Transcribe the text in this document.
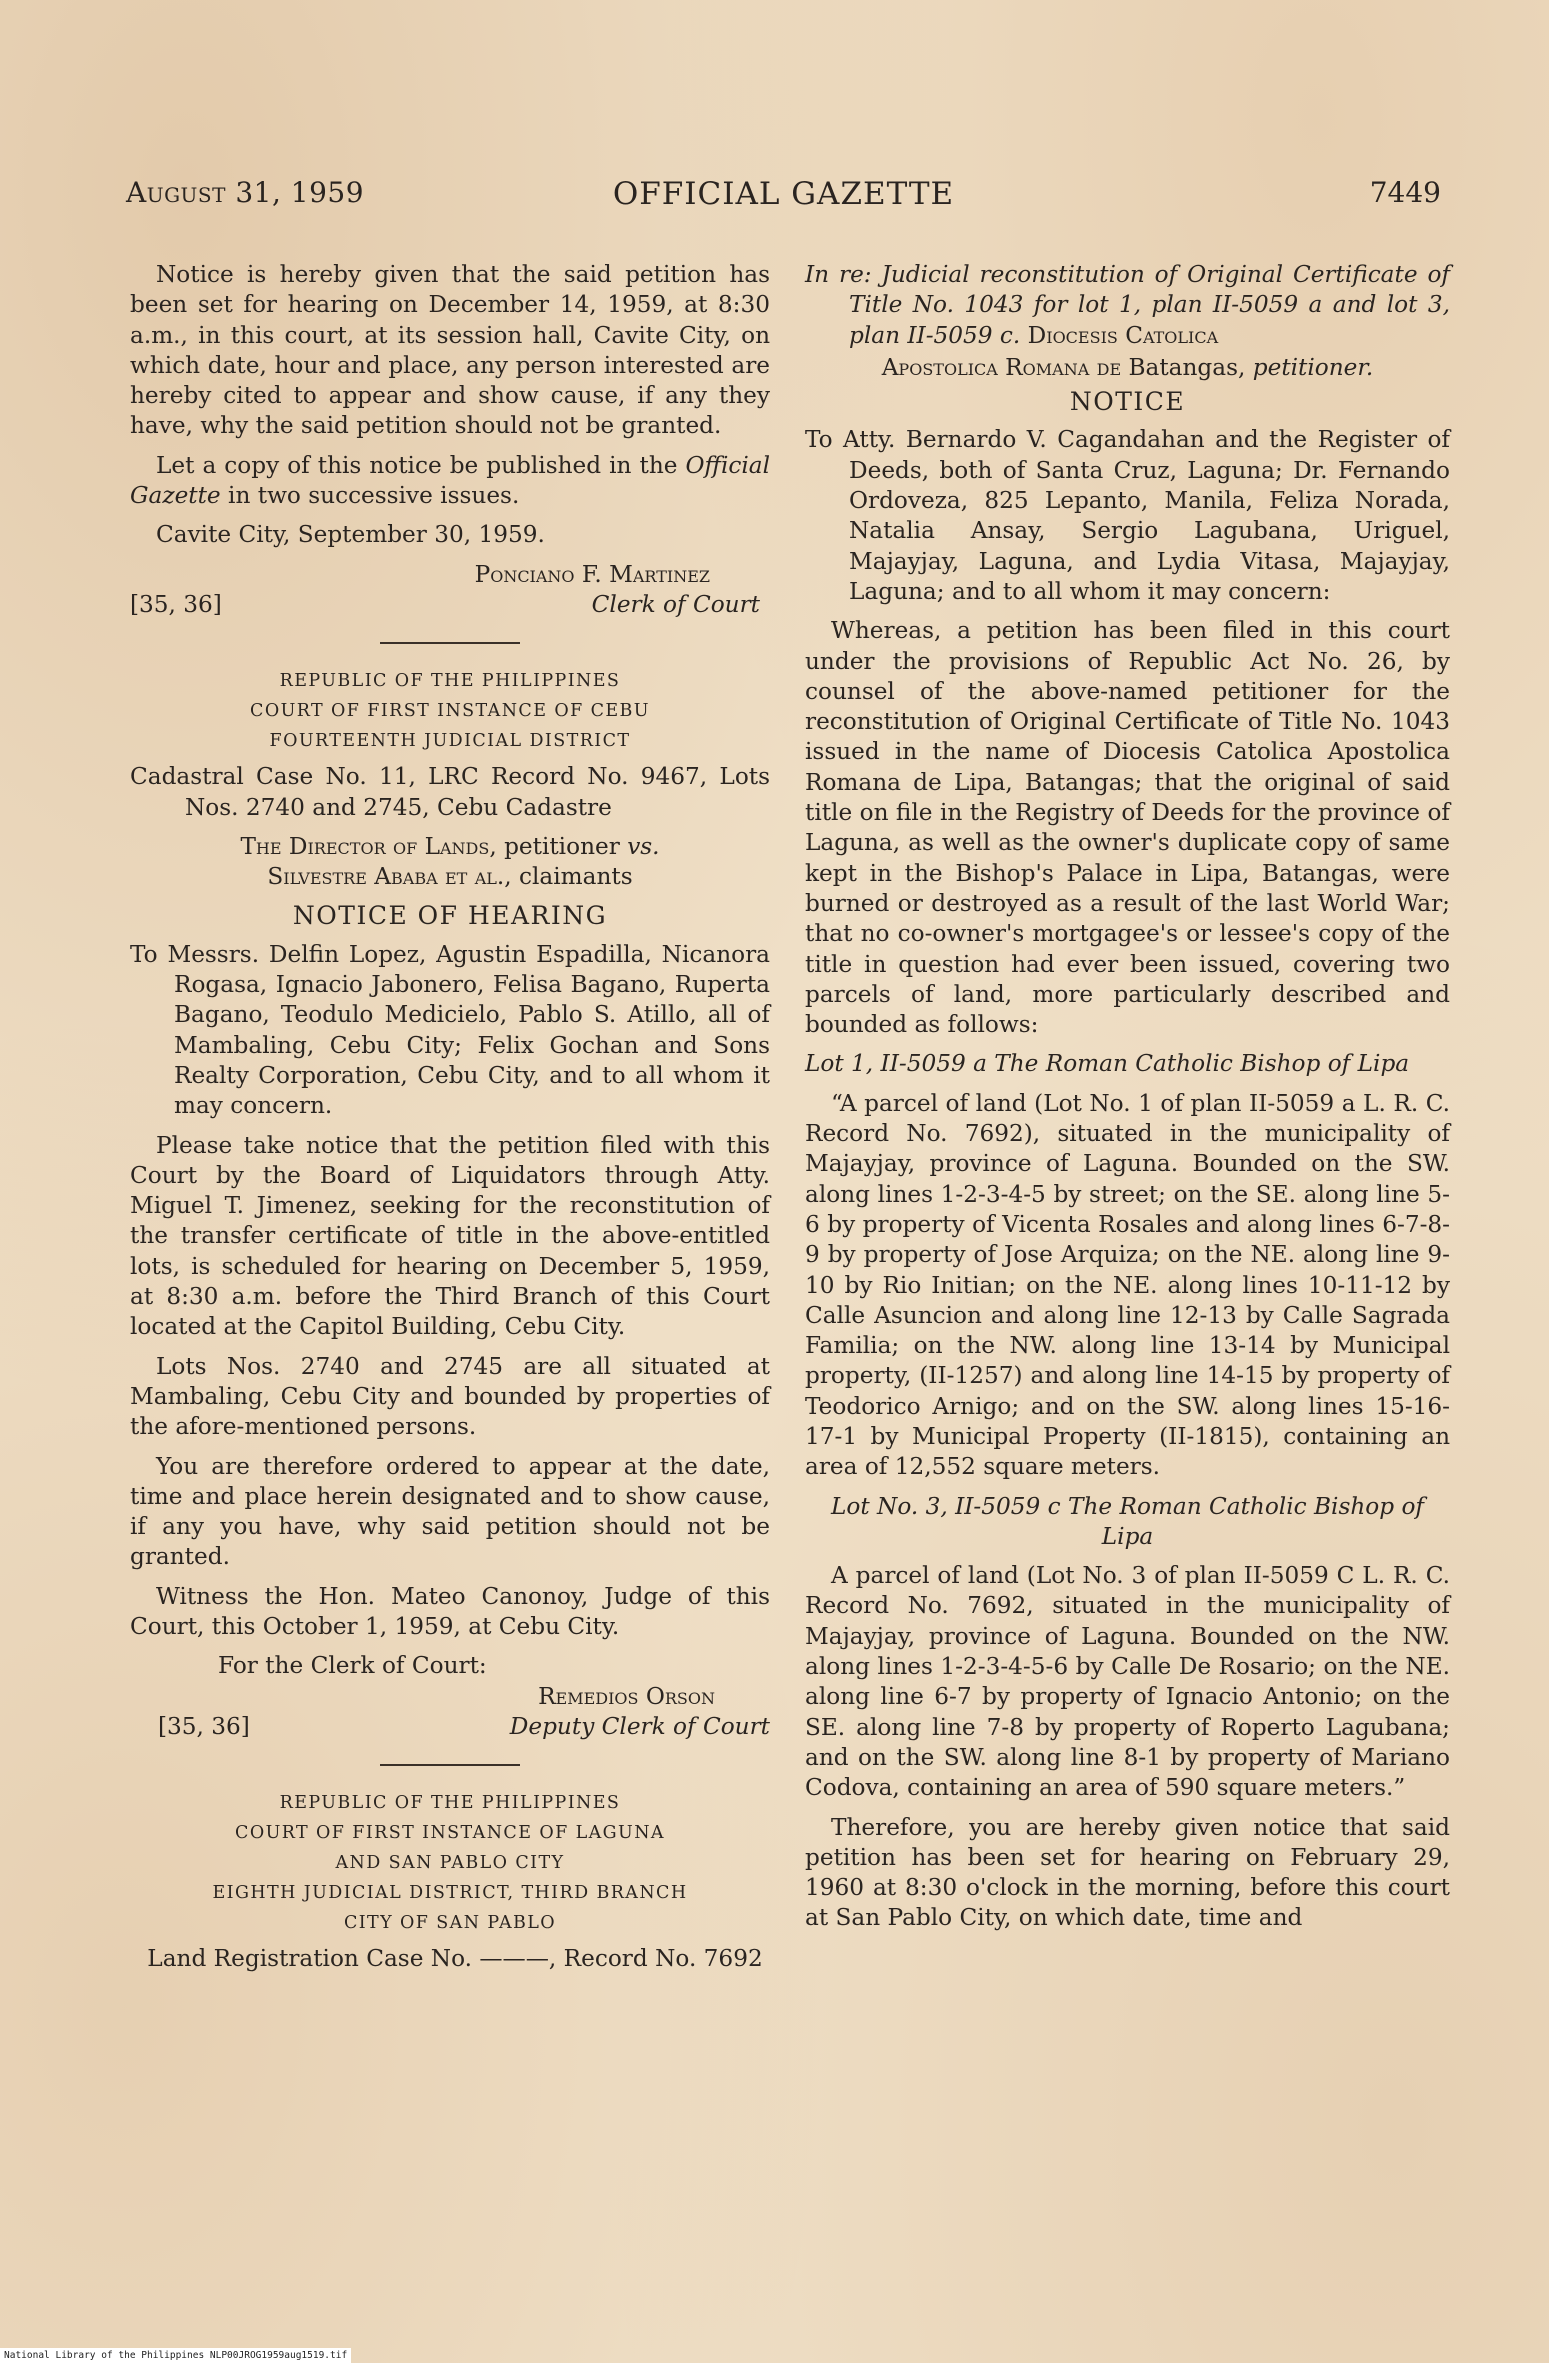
August 31, 1959	OFFICIAL GAZETTE	7449

Notice is hereby given that the said petition has been set for hearing on December 14, 1959, at 8:30 a.m., in this court, at its session hall, Cavite City, on which date, hour and place, any person interested are hereby cited to appear and show cause, if any they have, why the said petition should not be granted.

Let a copy of this notice be published in the Official Gazette in two successive issues.

Cavite City, September 30, 1959.

Ponciano F. Martinez
[35, 36]	Clerk of Court

REPUBLIC OF THE PHILIPPINES

COURT OF FIRST INSTANCE OF CEBU

FOURTEENTH JUDICIAL DISTRICT

Cadastral Case No. 11, LRC Record No. 9467, Lots Nos. 2740 and 2745, Cebu Cadastre

The Director of Lands, petitioner vs.

Silvestre Ababa et al., claimants

NOTICE OF HEARING

To Messrs. Delfin Lopez, Agustin Espadilla, Nicanora Rogasa, Ignacio Jabonero, Felisa Bagano, Ruperta Bagano, Teodulo Medicielo, Pablo S. Atillo, all of Mambaling, Cebu City; Felix Gochan and Sons Realty Corporation, Cebu City, and to all whom it may concern.

Please take notice that the petition filed with this Court by the Board of Liquidators through Atty. Miguel T. Jimenez, seeking for the reconstitution of the transfer certificate of title in the above-entitled lots, is scheduled for hearing on December 5, 1959, at 8:30 a.m. before the Third Branch of this Court located at the Capitol Building, Cebu City.

Lots Nos. 2740 and 2745 are all situated at Mambaling, Cebu City and bounded by properties of the afore-mentioned persons.

You are therefore ordered to appear at the date, time and place herein designated and to show cause, if any you have, why said petition should not be granted.

Witness the Hon. Mateo Canonoy, Judge of this Court, this October 1, 1959, at Cebu City.

For the Clerk of Court:

Remedios Orson
[35, 36]	Deputy Clerk of Court

REPUBLIC OF THE PHILIPPINES

COURT OF FIRST INSTANCE OF LAGUNA

AND SAN PABLO CITY

EIGHTH JUDICIAL DISTRICT, THIRD BRANCH

CITY OF SAN PABLO

Land Registration Case No. ———, Record No. 7692

In re: Judicial reconstitution of Original Certificate of Title No. 1043 for lot 1, plan II-5059 a and lot 3, plan II-5059 c. Diocesis Catolica

Apostolica Romana de Batangas, petitioner.

NOTICE

To Atty. Bernardo V. Cagandahan and the Register of Deeds, both of Santa Cruz, Laguna; Dr. Fernando Ordoveza, 825 Lepanto, Manila, Feliza Norada, Natalia Ansay, Sergio Lagubana, Uriguel, Majayjay, Laguna, and Lydia Vitasa, Majayjay, Laguna; and to all whom it may concern:

Whereas, a petition has been filed in this court under the provisions of Republic Act No. 26, by counsel of the above-named petitioner for the reconstitution of Original Certificate of Title No. 1043 issued in the name of Diocesis Catolica Apostolica Romana de Lipa, Batangas; that the original of said title on file in the Registry of Deeds for the province of Laguna, as well as the owner's duplicate copy of same kept in the Bishop's Palace in Lipa, Batangas, were burned or destroyed as a result of the last World War; that no co-owner's mortgagee's or lessee's copy of the title in question had ever been issued, covering two parcels of land, more particularly described and bounded as follows:

Lot 1, II-5059 a The Roman Catholic Bishop of Lipa

“A parcel of land (Lot No. 1 of plan II-5059 a L. R. C. Record No. 7692), situated in the municipality of Majayjay, province of Laguna. Bounded on the SW. along lines 1-2-3-4-5 by street; on the SE. along line 5-6 by property of Vicenta Rosales and along lines 6-7-8-9 by property of Jose Arquiza; on the NE. along line 9-10 by Rio Initian; on the NE. along lines 10-11-12 by Calle Asuncion and along line 12-13 by Calle Sagrada Familia; on the NW. along line 13-14 by Municipal property, (II-1257) and along line 14-15 by property of Teodorico Arnigo; and on the SW. along lines 15-16-17-1 by Municipal Property (II-1815), containing an area of 12,552 square meters.

Lot No. 3, II-5059 c The Roman Catholic Bishop of Lipa

A parcel of land (Lot No. 3 of plan II-5059 C L. R. C. Record No. 7692, situated in the municipality of Majayjay, province of Laguna. Bounded on the NW. along lines 1-2-3-4-5-6 by Calle De Rosario; on the NE. along line 6-7 by property of Ignacio Antonio; on the SE. along line 7-8 by property of Roperto Lagubana; and on the SW. along line 8-1 by property of Mariano Codova, containing an area of 590 square meters.”

Therefore, you are hereby given notice that said petition has been set for hearing on February 29, 1960 at 8:30 o'clock in the morning, before this court at San Pablo City, on which date, time and

National Library of the Philippines NLP00JROG1959aug1519.tif
